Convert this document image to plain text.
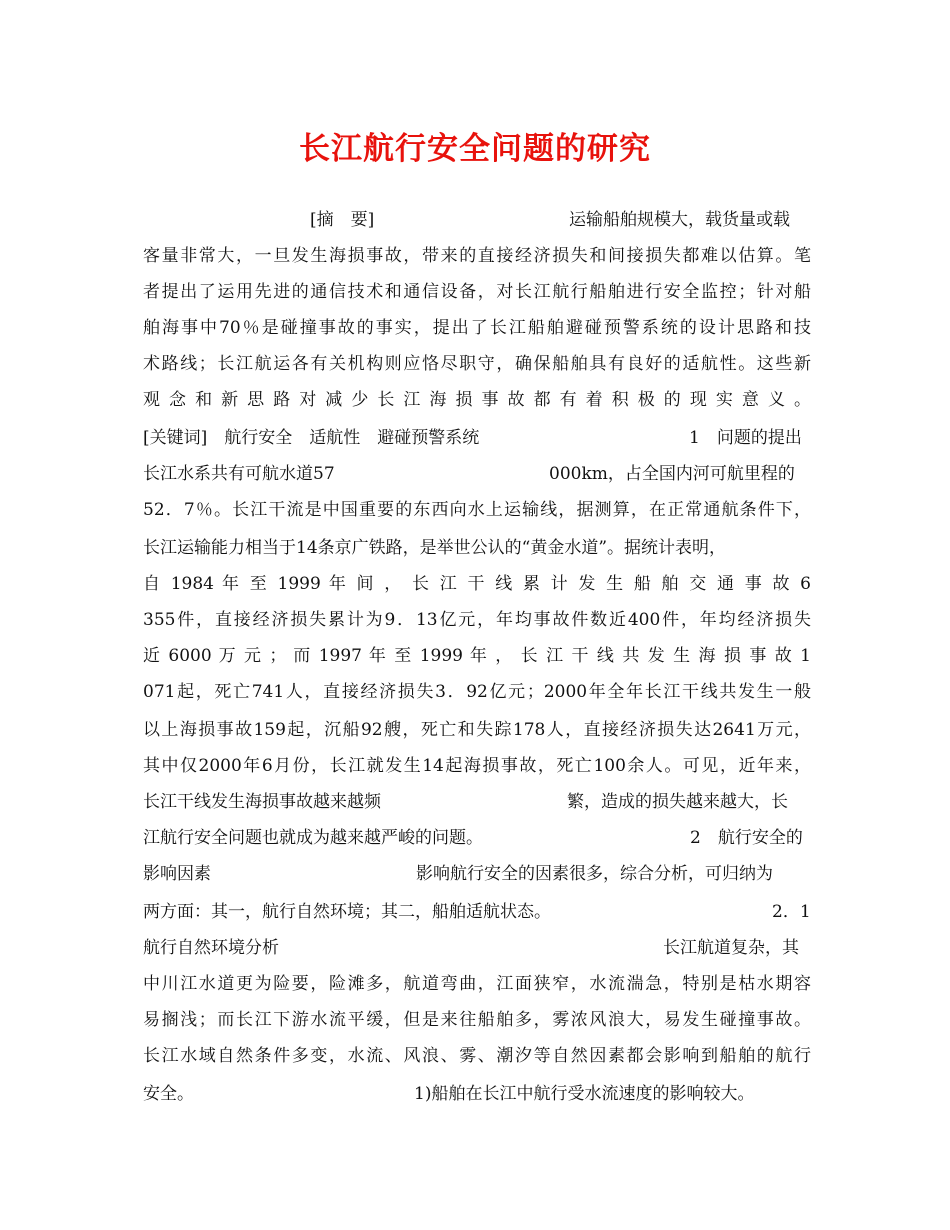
长江航行安全问题的研究

[摘　要]

	运输船舶规模大，载货量或载

客量非常大，一旦发生海损事故，带来的直接经济损失和间接损失都难以估算。笔
者提出了运用先进的通信技术和通信设备，对长江航行船舶进行安全监控；针对船
舶海事中70％是碰撞事故的事实，提出了长江船舶避碰预警系统的设计思路和技
术路线；长江航运各有关机构则应恪尽职守，确保船舶具有良好的适航性。这些新
观 念 和 新 思 路 对 减 少 长 江 海 损 事 故 都 有 着 积 极 的 现 实 意 义 。

[关键词]　航行安全　适航性　避碰预警系统

	1　问题的提出

长江水系共有可航水道57

	000km，占全国内河可航里程的

52．7％。长江干流是中国重要的东西向水上运输线，据测算，在正常通航条件下，
长江运输能力相当于14条京广铁路，是举世公认的“黄金水道”。据统计表明，
自 1984 年 至 1999 年 间 ， 长 江 干 线 累 计 发 生 船 舶 交 通 事 故 6
355件，直接经济损失累计为9．13亿元，年均事故件数近400件，年均经济损失
近 6000 万 元 ； 而 1997 年 至 1999 年 ， 长 江 干 线 共 发 生 海 损 事 故 1
071起，死亡741人，直接经济损失3．92亿元；2000年全年长江干线共发生一般
以上海损事故159起，沉船92艘，死亡和失踪178人，直接经济损失达2641万元，
其中仅2000年6月份，长江就发生14起海损事故，死亡100余人。可见，近年来，

长江干线发生海损事故越来越频

	繁，造成的损失越来越大，长

江航行安全问题也就成为越来越严峻的问题。

	2　航行安全的

影响因素

	影响航行安全的因素很多，综合分析，可归纳为

两方面：其一，航行自然环境；其二，船舶适航状态。

	2．1

航行自然环境分析

	长江航道复杂，其

中川江水道更为险要，险滩多，航道弯曲，江面狭窄，水流湍急，特别是枯水期容
易搁浅；而长江下游水流平缓，但是来往船舶多，雾浓风浪大，易发生碰撞事故。
长江水域自然条件多变，水流、风浪、雾、潮汐等自然因素都会影响到船舶的航行

安全。

	1)船舶在长江中航行受水流速度的影响较大。
